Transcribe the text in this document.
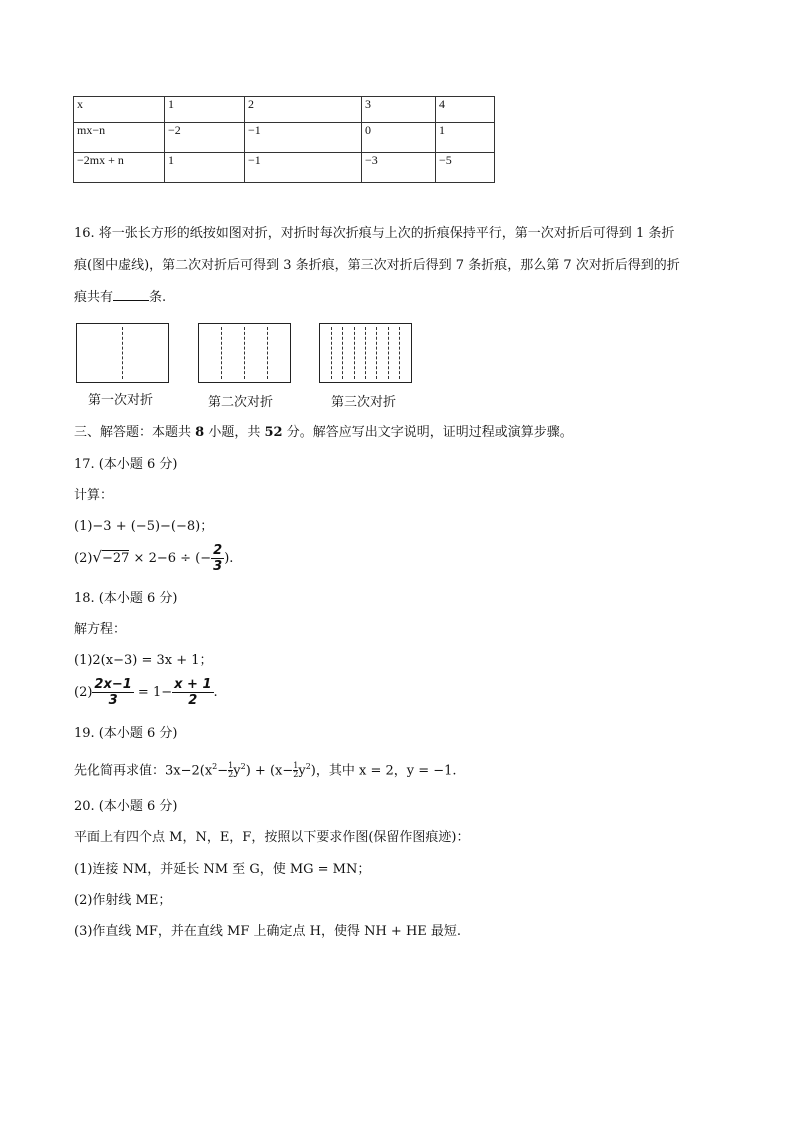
x	1	2	3	4
mx−n	−2	−1	0	1
−2mx + n	1	−1	−3	−5
16. 将一张长方形的纸按如图对折，对折时每次折痕与上次的折痕保持平行，第一次对折后可得到 1 条折
痕(图中虚线)，第二次对折后可得到 3 条折痕，第三次对折后得到 7 条折痕，那么第 7 次对折后得到的折
痕共有	条.
第一次对折	第二次对折	第三次对折
三、解答题：本题共 8 小题，共 52 分。解答应写出文字说明，证明过程或演算步骤。
17. (本小题 6 分)
计算：
(1)−3 + (−5)−(−8)；
(2)√−27 × 2−6 ÷ (− $\frac{2}{3}$ ).
18. (本小题 6 分)
解方程：
(1)2(x−3) = 3x + 1；
$(2) \frac{2x-1}{3} = 1- \frac{x + 1}{2}$ .
19. (本小题 6 分)
先化简再求值：$3x-2(x^2- \frac{1}{2} y^2) + (x- \frac{1}{2} y^2)$，其中 x = 2，y = −1.
20. (本小题 6 分)
平面上有四个点 M，N，E，F，按照以下要求作图(保留作图痕迹)：
(1)连接 NM，并延长 NM 至 G，使 MG = MN；
(2)作射线 ME；
(3)作直线 MF，并在直线 MF 上确定点 H，使得 NH + HE 最短.
